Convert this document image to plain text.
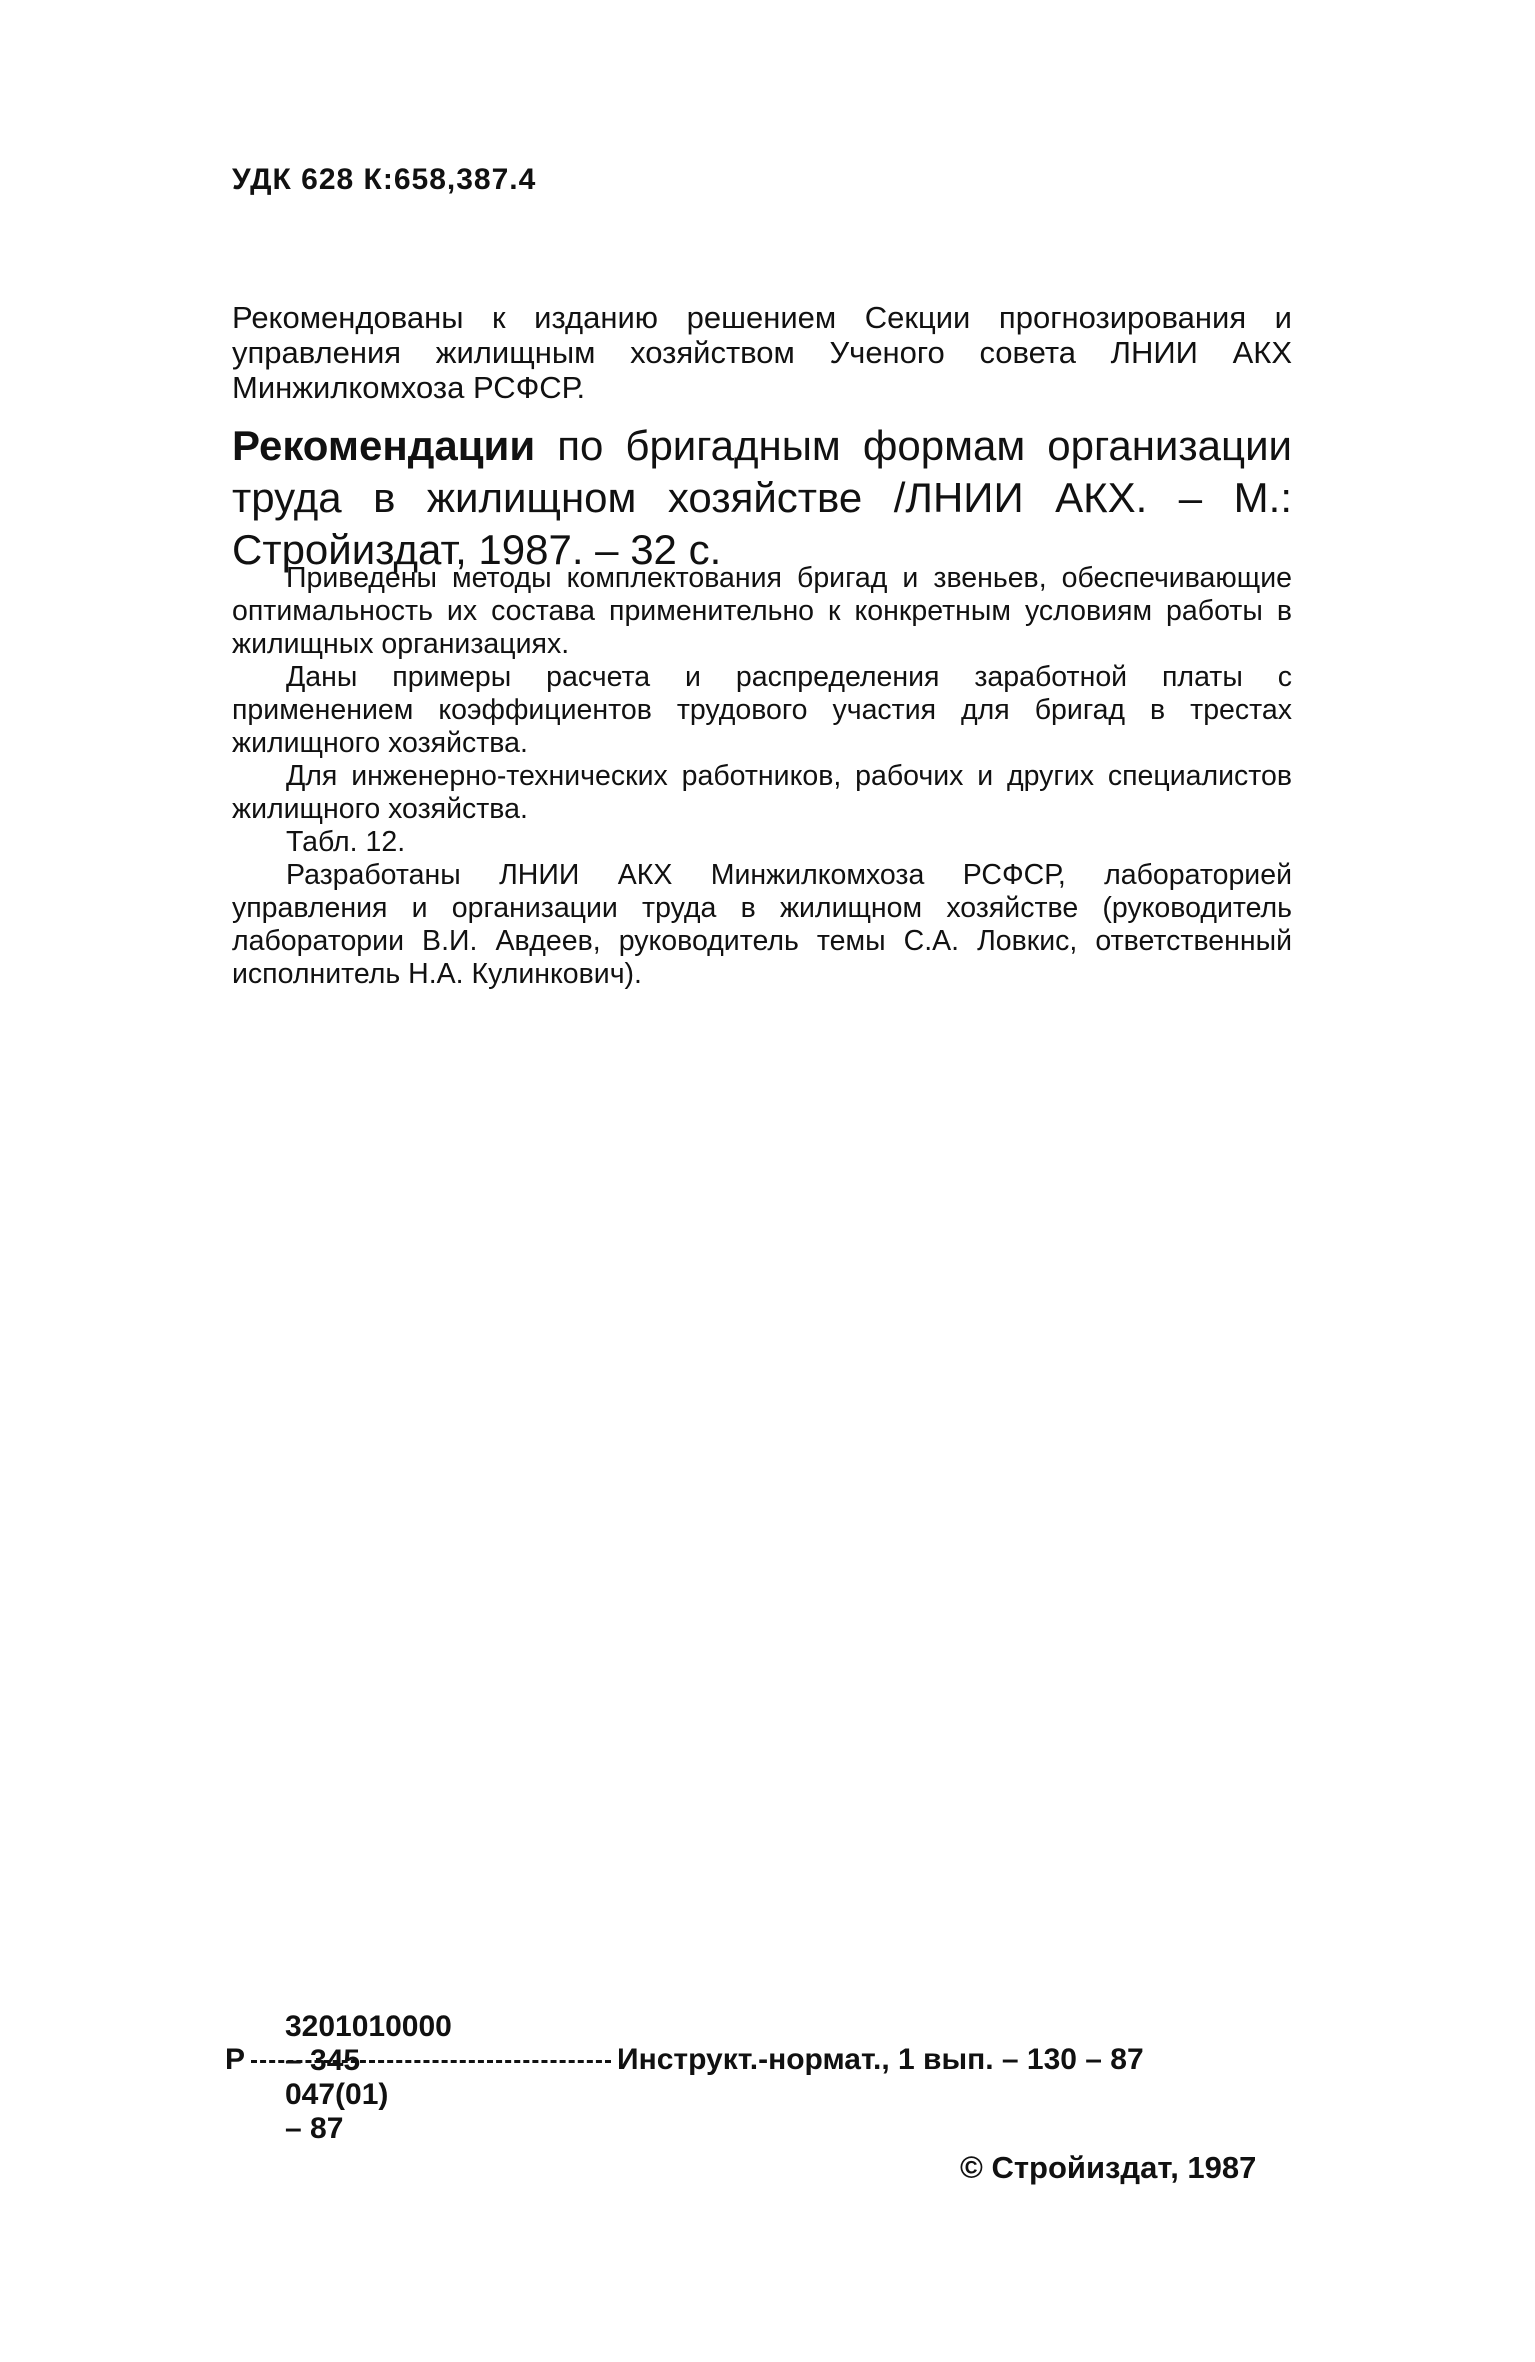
УДК 628 К:658,387.4
Рекомендованы к изданию решением Секции прогнозирования и управления жилищным хозяйством Ученого совета ЛНИИ АКХ Минжилкомхоза РСФСР.
Рекомендации по бригадным формам организации труда в жилищном хозяйстве /ЛНИИ АКХ. – М.: Стройиздат, 1987. – 32 с.

Приведены методы комплектования бригад и звеньев, обеспечивающие оптимальность их состава применительно к конкретным условиям работы в жилищных организациях.

Даны примеры расчета и распределения заработной платы с применением коэффициентов трудового участия для бригад в трестах жилищного хозяйства.

Для инженерно-технических работников, рабочих и других специалистов жилищного хозяйства.

Табл. 12.

Разработаны ЛНИИ АКХ Минжилкомхоза РСФСР, лабораторией управления и организации труда в жилищном хозяйстве (руководитель лаборатории В.И. Авдеев, руководитель темы С.А. Ловкис, ответственный исполнитель Н.А. Кулинкович).

3201010000 – 345
Р	Инструкт.-нормат., 1 вып. – 130 – 87
047(01) – 87
© Стройиздат, 1987
